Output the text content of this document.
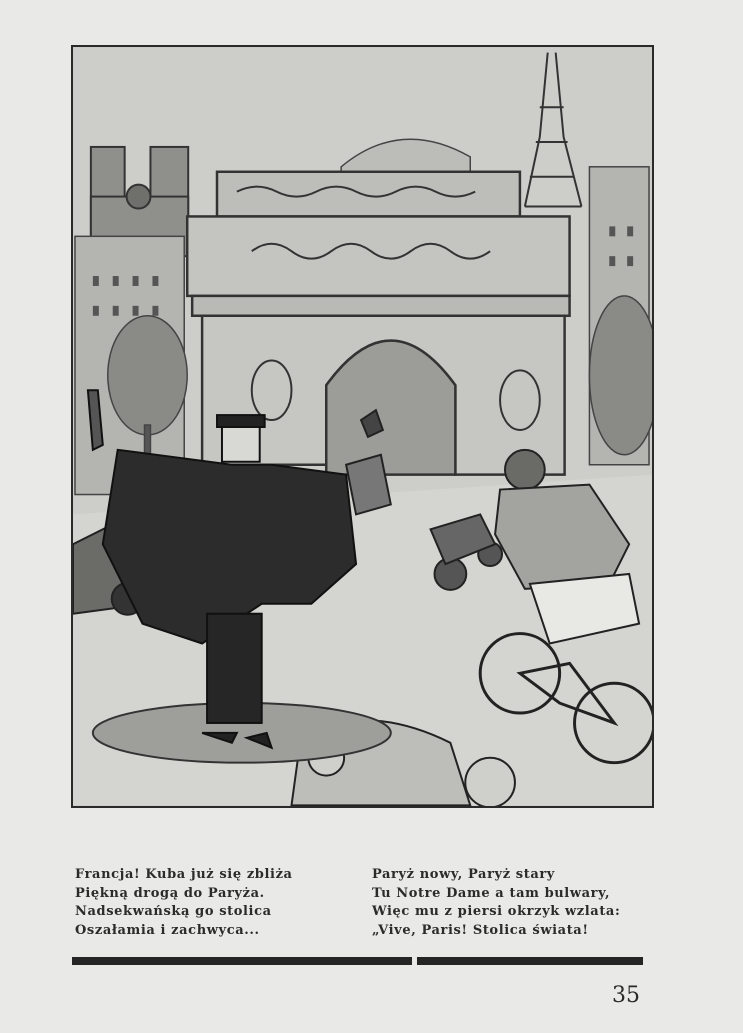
Francja! Kuba już się zbliża
Piękną drogą do Paryża.
Nadsekwańską go stolica
Oszałamia i zachwyca...
Paryż nowy, Paryż stary
Tu Notre Dame a tam bulwary,
Więc mu z piersi okrzyk wzlata:
„Vive, Paris! Stolica świata!
35
